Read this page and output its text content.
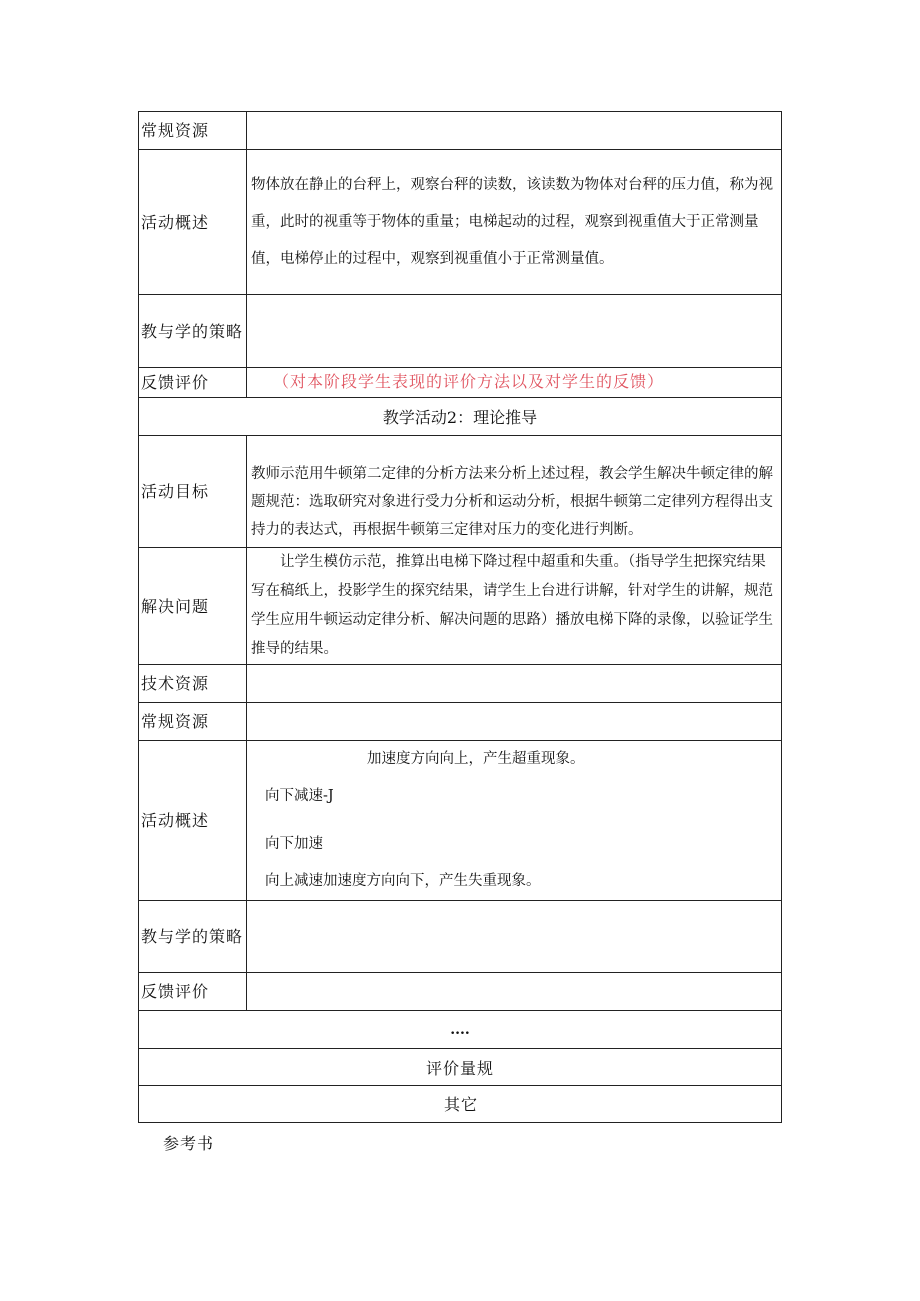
常规资源	
活动概述	物体放在静止的台秤上，观察台秤的读数，该读数为物体对台秤的压力值，称为视重，此时的视重等于物体的重量；电梯起动的过程，观察到视重值大于正常测量值，电梯停止的过程中，观察到视重值小于正常测量值。
教与学的策略	
反馈评价	（对本阶段学生表现的评价方法以及对学生的反馈）
教学活动2：理论推导	
活动目标	教师示范用牛顿第二定律的分析方法来分析上述过程，教会学生解决牛顿定律的解题规范：选取研究对象进行受力分析和运动分析，根据牛顿第二定律列方程得出支持力的表达式，再根据牛顿第三定律对压力的变化进行判断。
解决问题	让学生模仿示范，推算出电梯下降过程中超重和失重。（指导学生把探究结果写在稿纸上，投影学生的探究结果，请学生上台进行讲解，针对学生的讲解，规范学生应用牛顿运动定律分析、解决问题的思路）播放电梯下降的录像，以验证学生推导的结果。
技术资源	
常规资源	
活动概述	加速度方向向上，产生超重现象。
向下减速-J
向下加速
向上减速加速度方向向下，产生失重现象。

教与学的策略	
反馈评价	
....	
评价量规	

其它
参考书
